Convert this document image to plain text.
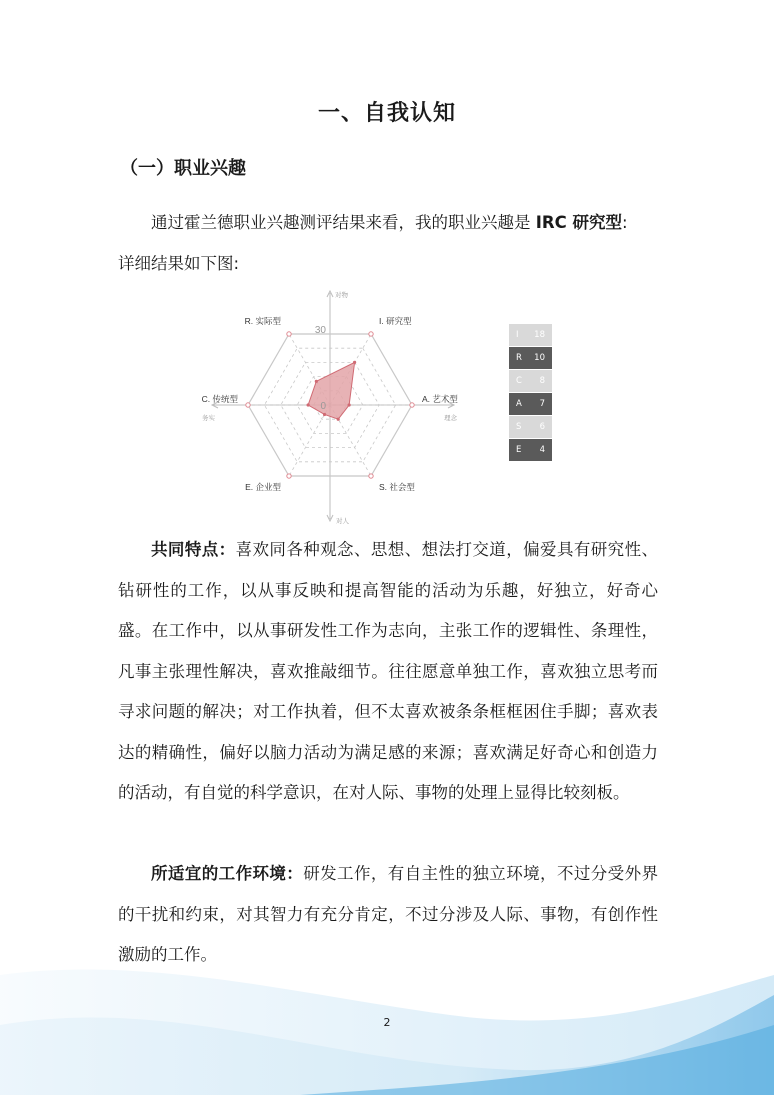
一、自我认知
（一）职业兴趣
通过霍兰德职业兴趣测评结果来看，我的职业兴趣是 IRC 研究型:
详细结果如下图:
I. 研究型
A. 艺术型
S. 社会型
E. 企业型
C. 传统型
R. 实际型
30
0
对物
对人
务实	理念
I 18
R 10
C 8
A 7
S 6
E 4
共同特点：喜欢同各种观念、思想、想法打交道，偏爱具有研究性、钻研性的工作，以从事反映和提高智能的活动为乐趣，好独立，好奇心盛。在工作中，以从事研发性工作为志向，主张工作的逻辑性、条理性，凡事主张理性解决，喜欢推敲细节。往往愿意单独工作，喜欢独立思考而寻求问题的解决；对工作执着，但不太喜欢被条条框框困住手脚；喜欢表达的精确性，偏好以脑力活动为满足感的来源；喜欢满足好奇心和创造力的活动，有自觉的科学意识，在对人际、事物的处理上显得比较刻板。
所适宜的工作环境：研发工作，有自主性的独立环境，不过分受外界的干扰和约束，对其智力有充分肯定，不过分涉及人际、事物，有创作性激励的工作。
2
